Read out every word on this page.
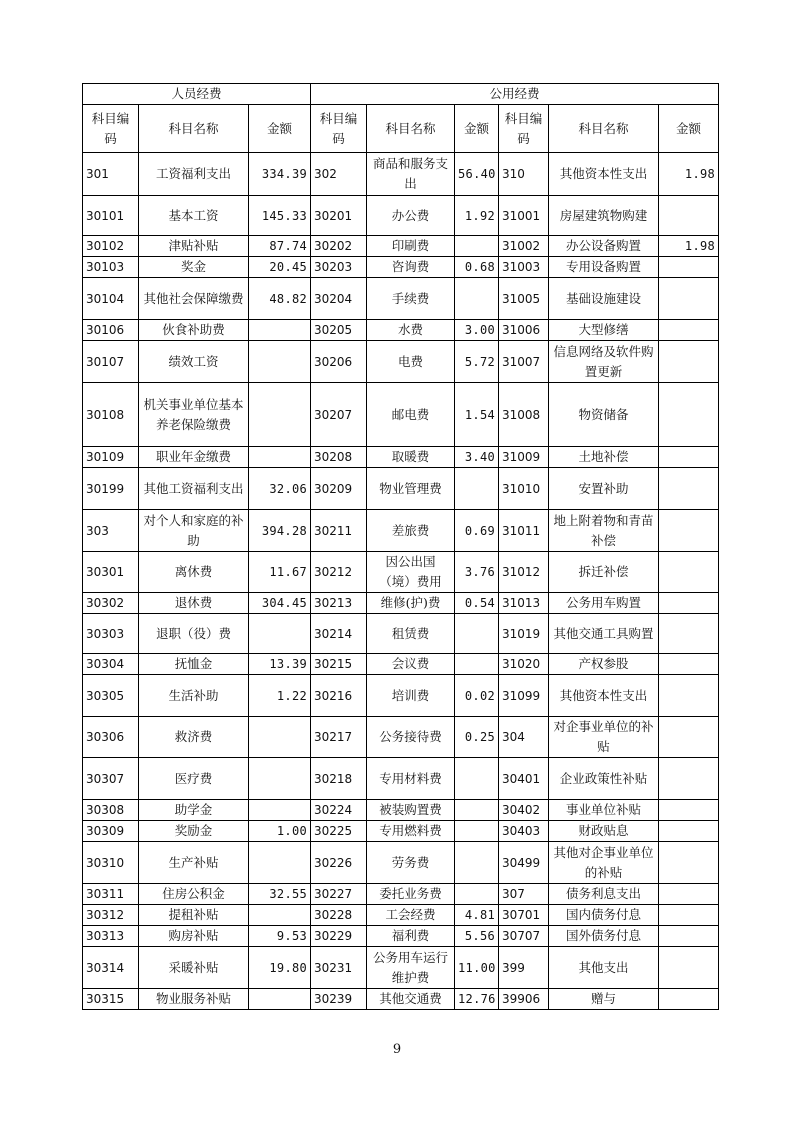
人员经费			公用经费					
科目编码	科目名称	金额	科目编码	科目名称	金额	科目编码	科目名称	金额
301	工资福利支出	334.39	302	商品和服务支出	56.40	310	其他资本性支出	1.98
30101	基本工资	145.33	30201	办公费	1.92	31001	房屋建筑物购建	
30102	津贴补贴	87.74	30202	印刷费		31002	办公设备购置	1.98
30103	奖金	20.45	30203	咨询费	0.68	31003	专用设备购置	
30104	其他社会保障缴费	48.82	30204	手续费		31005	基础设施建设	
30106	伙食补助费		30205	水费	3.00	31006	大型修缮	
30107	绩效工资		30206	电费	5.72	31007	信息网络及软件购置更新	
30108	机关事业单位基本养老保险缴费		30207	邮电费	1.54	31008	物资储备	
30109	职业年金缴费		30208	取暖费	3.40	31009	土地补偿	
30199	其他工资福利支出	32.06	30209	物业管理费		31010	安置补助	
303	对个人和家庭的补助	394.28	30211	差旅费	0.69	31011	地上附着物和青苗补偿	
30301	离休费	11.67	30212	因公出国（境）费用	3.76	31012	拆迁补偿	
30302	退休费	304.45	30213	维修(护)费	0.54	31013	公务用车购置	
30303	退职（役）费		30214	租赁费		31019	其他交通工具购置	
30304	抚恤金	13.39	30215	会议费		31020	产权参股	
30305	生活补助	1.22	30216	培训费	0.02	31099	其他资本性支出	
30306	救济费		30217	公务接待费	0.25	304	对企事业单位的补贴	
30307	医疗费		30218	专用材料费		30401	企业政策性补贴	
30308	助学金		30224	被装购置费		30402	事业单位补贴	
30309	奖励金	1.00	30225	专用燃料费		30403	财政贴息	
30310	生产补贴		30226	劳务费		30499	其他对企事业单位的补贴	
30311	住房公积金	32.55	30227	委托业务费		307	债务利息支出	
30312	提租补贴		30228	工会经费	4.81	30701	国内债务付息	
30313	购房补贴	9.53	30229	福利费	5.56	30707	国外债务付息	
30314	采暖补贴	19.80	30231	公务用车运行维护费	11.00	399	其他支出	
30315	物业服务补贴		30239	其他交通费	12.76	39906	赠与	
9
